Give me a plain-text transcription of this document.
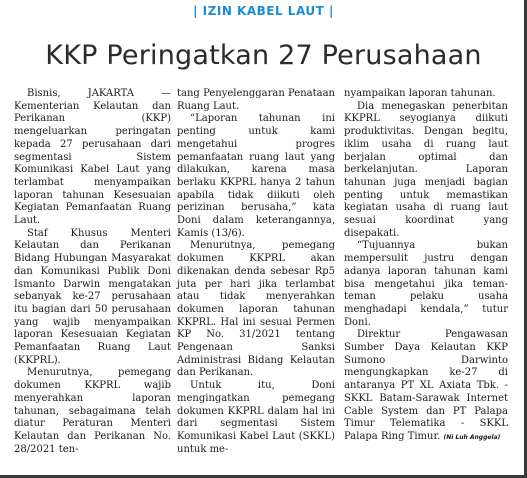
| IZIN KABEL LAUT |
KKP Peringatkan 27 Perusahaan

Bisnis, JAKARTA — Kementerian Kelautan dan Perikanan (KKP) mengeluarkan peringatan kepada 27 perusahaan dari segmentasi Sistem Komunikasi Kabel Laut yang terlambat menyampaikan laporan tahunan Kesesuaian Kegiatan Pemanfaatan Ruang Laut.

Staf Khusus Menteri Kelautan dan Perikanan Bidang Hubungan Masyarakat dan Komunikasi Publik Doni Ismanto Darwin mengatakan sebanyak ke-27 perusahaan itu bagian dari 50 perusahaan yang wajib menyampaikan laporan Kesesuaian Kegiatan Pemanfaatan Ruang Laut (KKPRL).

Menurutnya, pemegang dokumen KKPRL wajib menyerahkan laporan tahunan, sebagaimana telah diatur Peraturan Menteri Kelautan dan Perikanan No. 28/2021 ten-

tang Penyelenggaran Penataan Ruang Laut.

“Laporan tahunan ini penting untuk kami mengetahui progres pemanfaatan ruang laut yang dilakukan, karena masa berlaku KKPRL hanya 2 tahun apabila tidak diikuti oleh perizinan berusaha,” kata Doni dalam keterangannya, Kamis (13/6).

Menurutnya, pemegang dokumen KKPRL akan dikenakan denda sebesar Rp5 juta per hari jika terlambat atau tidak menyerahkan dokumen laporan tahunan KKPRL. Hal ini sesuai Permen KP No. 31/2021 tentang Pengenaan Sanksi Administrasi Bidang Kelautan dan Perikanan.

Untuk itu, Doni mengingatkan pemegang dokumen KKPRL dalam hal ini dari segmentasi Sistem Komunikasi Kabel Laut (SKKL) untuk me-

nyampaikan laporan tahunan.

Dia menegaskan penerbitan KKPRL seyogianya diikuti produktivitas. Dengan begitu, iklim usaha di ruang laut berjalan optimal dan berkelanjutan. Laporan tahunan juga menjadi bagian penting untuk memastikan kegiatan usaha di ruang laut sesuai koordinat yang disepakati.

“Tujuannya bukan mempersulit justru dengan adanya laporan tahunan kami bisa mengetahui jika teman-teman pelaku usaha menghadapi kendala,” tutur Doni.

Direktur Pengawasan Sumber Daya Kelautan KKP Sumono Darwinto mengungkapkan ke-27 di antaranya PT XL Axiata Tbk. - SKKL Batam-Sarawak Internet Cable System dan PT Palapa Timur Telematika - SKKL Palapa Ring Timur. (Ni Luh Anggela)
